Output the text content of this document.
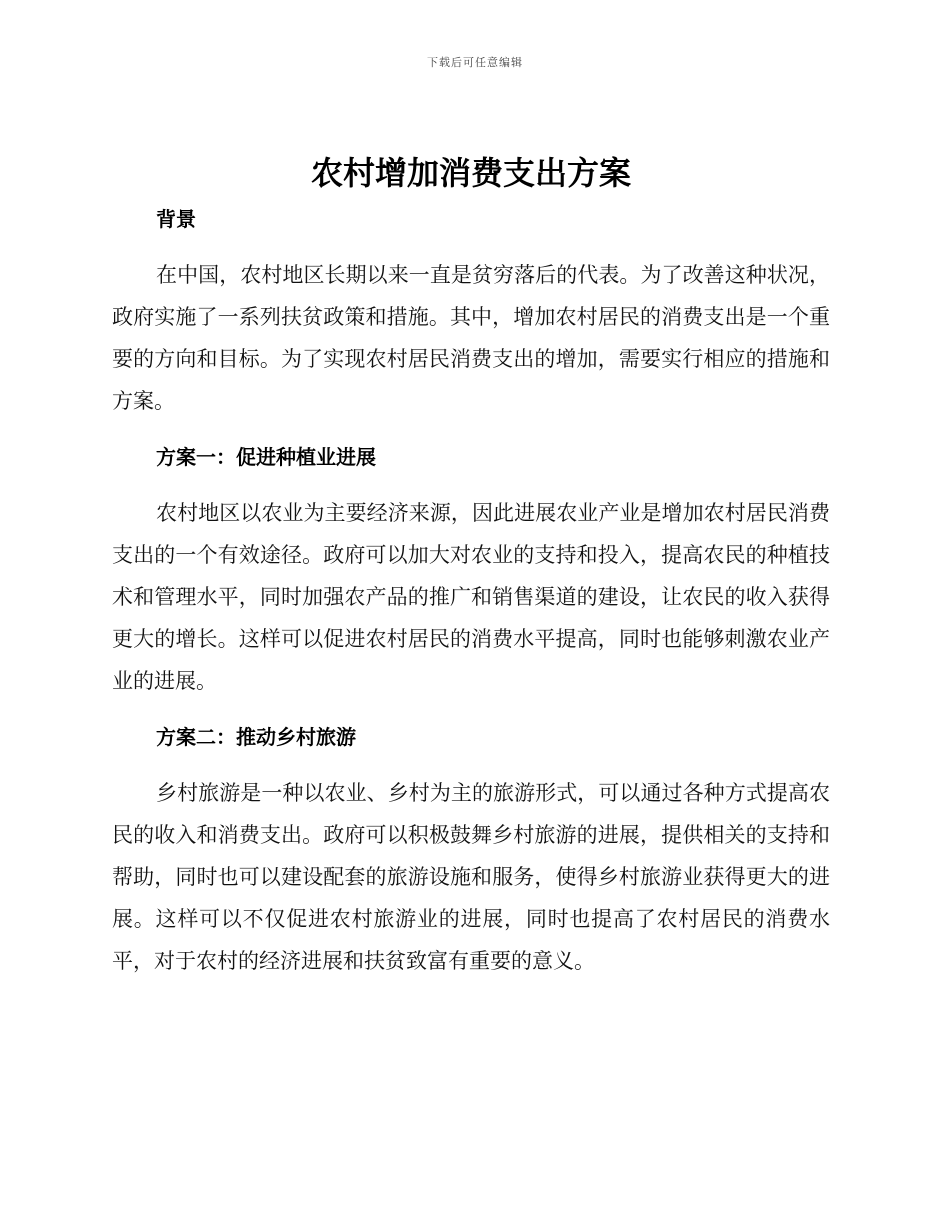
下载后可任意编辑
农村增加消费支出方案
背景

在中国，农村地区长期以来一直是贫穷落后的代表。为了改善这种状况，政府实施了一系列扶贫政策和措施。其中，增加农村居民的消费支出是一个重要的方向和目标。为了实现农村居民消费支出的增加，需要实行相应的措施和方案。

方案一：促进种植业进展

农村地区以农业为主要经济来源，因此进展农业产业是增加农村居民消费支出的一个有效途径。政府可以加大对农业的支持和投入，提高农民的种植技术和管理水平，同时加强农产品的推广和销售渠道的建设，让农民的收入获得更大的增长。这样可以促进农村居民的消费水平提高，同时也能够刺激农业产业的进展。

方案二：推动乡村旅游

乡村旅游是一种以农业、乡村为主的旅游形式，可以通过各种方式提高农民的收入和消费支出。政府可以积极鼓舞乡村旅游的进展，提供相关的支持和帮助，同时也可以建设配套的旅游设施和服务，使得乡村旅游业获得更大的进展。这样可以不仅促进农村旅游业的进展，同时也提高了农村居民的消费水平，对于农村的经济进展和扶贫致富有重要的意义。
